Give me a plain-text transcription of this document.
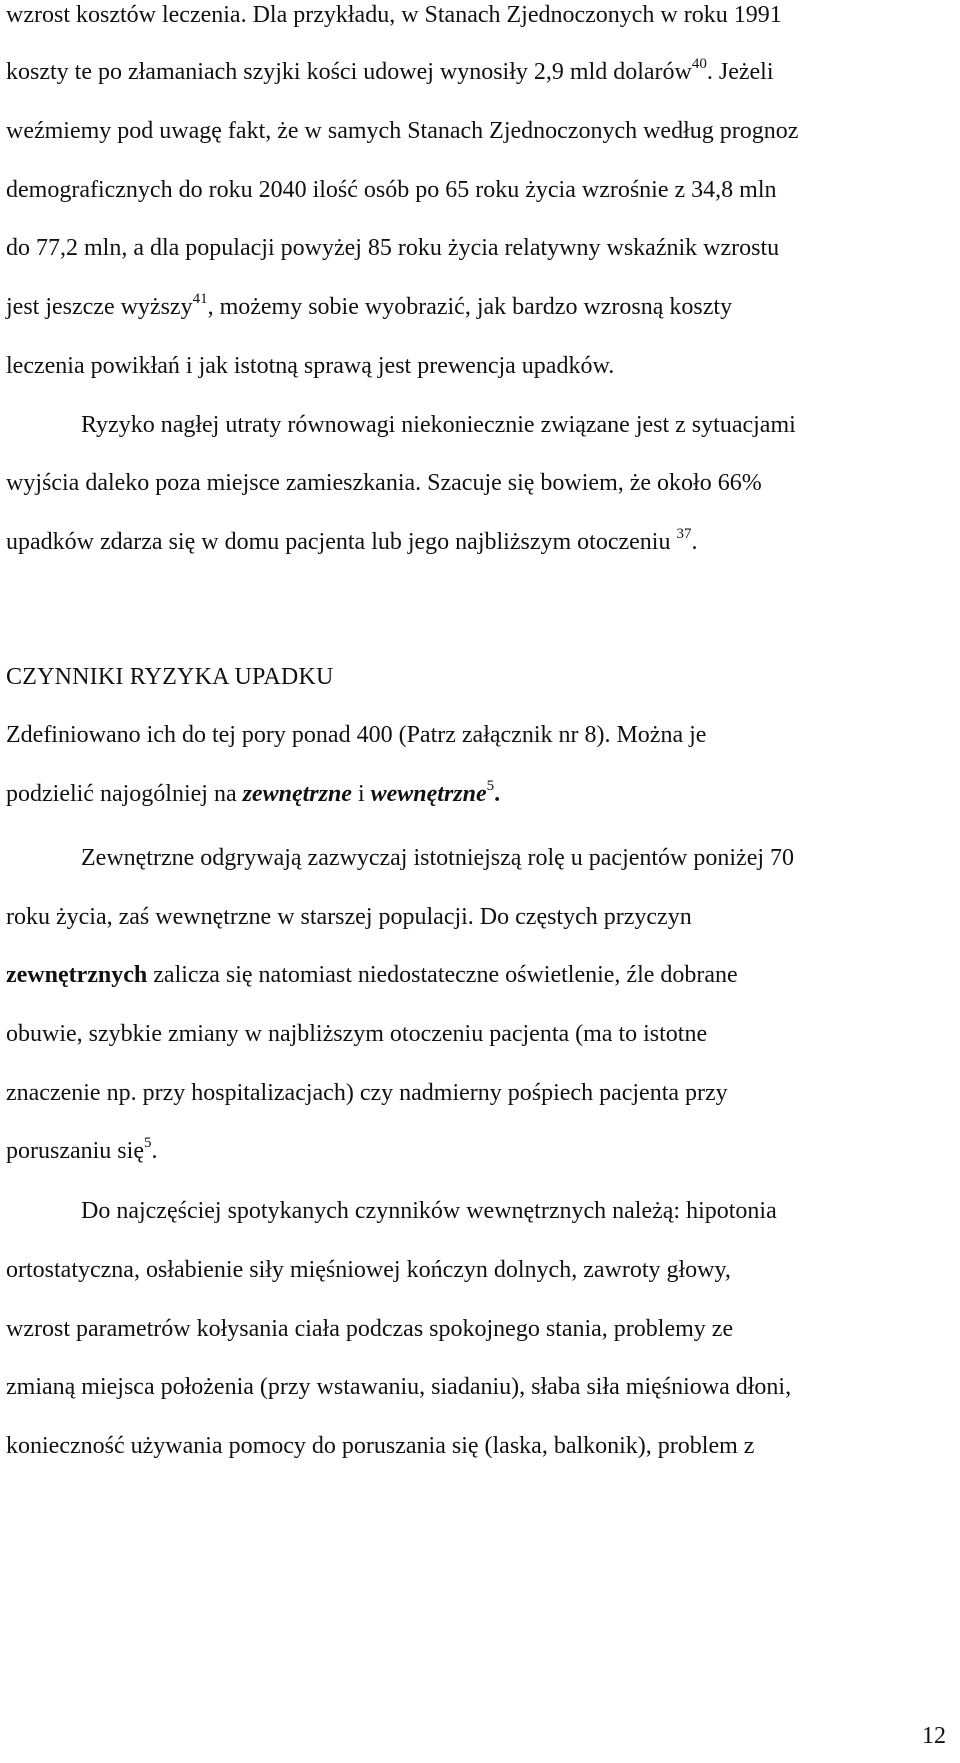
wzrost kosztów leczenia. Dla przykładu, w Stanach Zjednoczonych w roku 1991
koszty te po złamaniach szyjki kości udowej wynosiły 2,9 mld dolarów$^{40}$. Jeżeli
weźmiemy pod uwagę fakt, że w samych Stanach Zjednoczonych według prognoz
demograficznych do roku 2040 ilość osób po 65 roku życia wzrośnie z 34,8 mln
do 77,2 mln, a dla populacji powyżej 85 roku życia relatywny wskaźnik wzrostu
jest jeszcze wyższy$^{41}$, możemy sobie wyobrazić, jak bardzo wzrosną koszty
leczenia powikłań i jak istotną sprawą jest prewencja upadków.
Ryzyko nagłej utraty równowagi niekoniecznie związane jest z sytuacjami
wyjścia daleko poza miejsce zamieszkania. Szacuje się bowiem, że około 66%
upadków zdarza się w domu pacjenta lub jego najbliższym otoczeniu $^{37}$.
CZYNNIKI RYZYKA UPADKU
Zdefiniowano ich do tej pory ponad 400 (Patrz załącznik nr 8). Można je
podzielić najogólniej na zewnętrzne i wewnętrzne$^5$.
Zewnętrzne odgrywają zazwyczaj istotniejszą rolę u pacjentów poniżej 70
roku życia, zaś wewnętrzne w starszej populacji. Do częstych przyczyn
zewnętrznych zalicza się natomiast niedostateczne oświetlenie, źle dobrane
obuwie, szybkie zmiany w najbliższym otoczeniu pacjenta (ma to istotne
znaczenie np. przy hospitalizacjach) czy nadmierny pośpiech pacjenta przy
poruszaniu się$^5$.
Do najczęściej spotykanych czynników wewnętrznych należą: hipotonia
ortostatyczna, osłabienie siły mięśniowej kończyn dolnych, zawroty głowy,
wzrost parametrów kołysania ciała podczas spokojnego stania, problemy ze
zmianą miejsca położenia (przy wstawaniu, siadaniu), słaba siła mięśniowa dłoni,
konieczność używania pomocy do poruszania się (laska, balkonik), problem z
12
